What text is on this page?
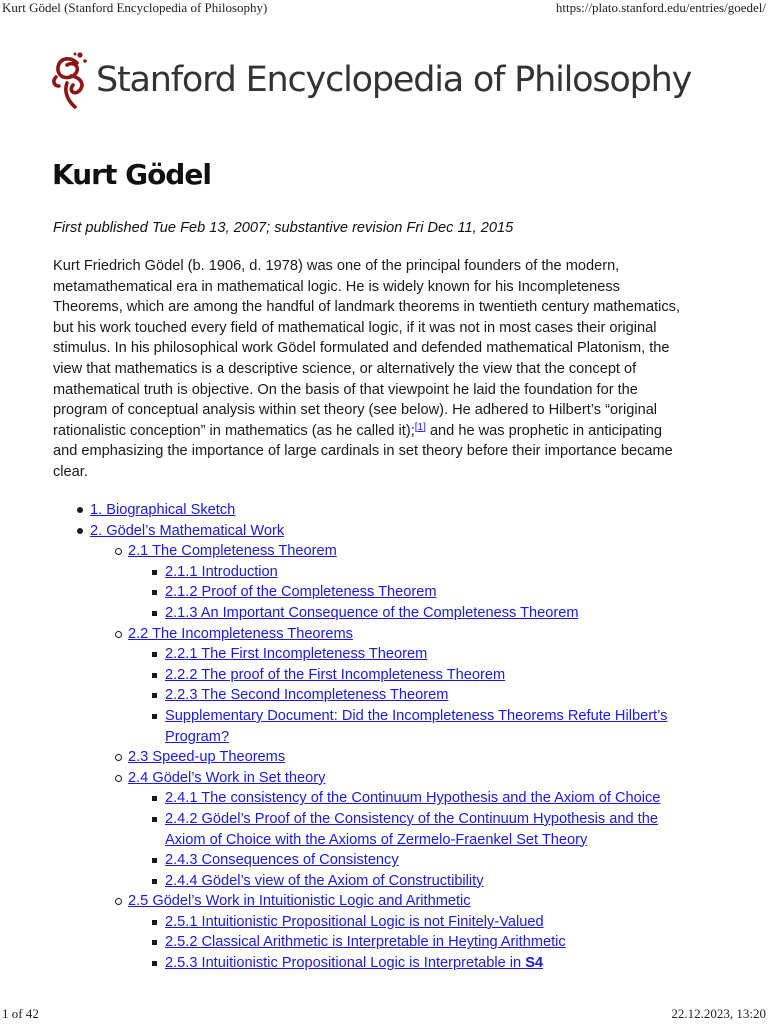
Kurt Gödel (Stanford Encyclopedia of Philosophy)	https://plato.stanford.edu/entries/goedel/
Stanford Encyclopedia of Philosophy
Kurt Gödel
First published Tue Feb 13, 2007; substantive revision Fri Dec 11, 2015

Kurt Friedrich Gödel (b. 1906, d. 1978) was one of the principal founders of the modern,
metamathematical era in mathematical logic. He is widely known for his Incompleteness
Theorems, which are among the handful of landmark theorems in twentieth century mathematics,
but his work touched every field of mathematical logic, if it was not in most cases their original
stimulus. In his philosophical work Gödel formulated and defended mathematical Platonism, the
view that mathematics is a descriptive science, or alternatively the view that the concept of
mathematical truth is objective. On the basis of that viewpoint he laid the foundation for the
program of conceptual analysis within set theory (see below). He adhered to Hilbert’s “original
rationalistic conception” in mathematics (as he called it);[1] and he was prophetic in anticipating
and emphasizing the importance of large cardinals in set theory before their importance became
clear.

1. Biographical Sketch
2. Gödel’s Mathematical Work
2.1 The Completeness Theorem
2.1.1 Introduction
2.1.2 Proof of the Completeness Theorem
2.1.3 An Important Consequence of the Completeness Theorem
2.2 The Incompleteness Theorems
2.2.1 The First Incompleteness Theorem
2.2.2 The proof of the First Incompleteness Theorem
2.2.3 The Second Incompleteness Theorem
Supplementary Document: Did the Incompleteness Theorems Refute Hilbert’s
Program?
2.3 Speed-up Theorems
2.4 Gödel’s Work in Set theory
2.4.1 The consistency of the Continuum Hypothesis and the Axiom of Choice
2.4.2 Gödel’s Proof of the Consistency of the Continuum Hypothesis and the
Axiom of Choice with the Axioms of Zermelo-Fraenkel Set Theory
2.4.3 Consequences of Consistency
2.4.4 Gödel’s view of the Axiom of Constructibility
2.5 Gödel’s Work in Intuitionistic Logic and Arithmetic
2.5.1 Intuitionistic Propositional Logic is not Finitely-Valued
2.5.2 Classical Arithmetic is Interpretable in Heyting Arithmetic
2.5.3 Intuitionistic Propositional Logic is Interpretable in S4
1 of 42	22.12.2023, 13:20
